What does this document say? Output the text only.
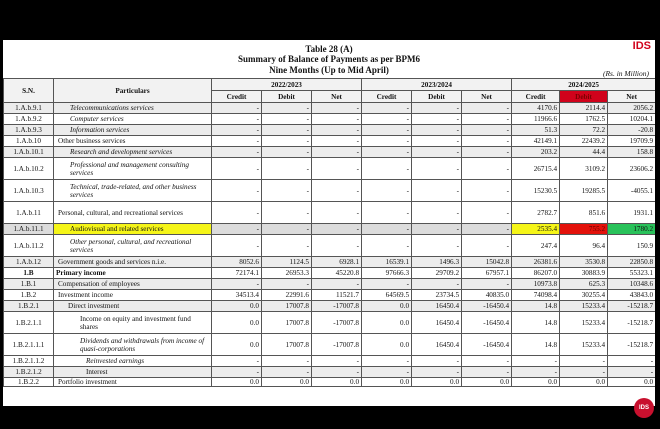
IDS
Table 28 (A)
Summary of Balance of Payments as per BPM6
Nine Months (Up to Mid April)	(Rs. in Million)
S.N.	Particulars	2022/2023			2023/2024			2024/2025		
		Credit	Debit	Net	Credit	Debit	Net	Credit	Debit	Net
1.A.b.9.1	Telecommunications services	-	-	-	-	-	-	4170.6	2114.4	2056.2
1.A.b.9.2	Computer services	-	-	-	-	-	-	11966.6	1762.5	10204.1
1.A.b.9.3	Information services	-	-	-	-	-	-	51.3	72.2	-20.8
1.A.b.10	Other business services	-	-	-	-	-	-	42149.1	22439.2	19709.9
1.A.b.10.1	Research and development services	-	-	-	-	-	-	203.2	44.4	158.8
1.A.b.10.2	Professional and management consulting services	-	-	-	-	-	-	26715.4	3109.2	23606.2
1.A.b.10.3	Technical, trade-related, and other business services	-	-	-	-	-	-	15230.5	19285.5	-4055.1
1.A.b.11	Personal, cultural, and recreational services	-	-	-	-	-	-	2782.7	851.6	1931.1
1.A.b.11.1	Audiovisual and related services	-	-	-	-	-	-	2535.4	755.2	1780.2
1.A.b.11.2	Other personal, cultural, and recreational services	-	-	-	-	-	-	247.4	96.4	150.9
1.A.b.12	Government goods and services n.i.e.	8052.6	1124.5	6928.1	16539.1	1496.3	15042.8	26381.6	3530.8	22850.8
1.B	Primary income	72174.1	26953.3	45220.8	97666.3	29709.2	67957.1	86207.0	30883.9	55323.1
1.B.1	Compensation of employees	-	-	-	-	-	-	10973.8	625.3	10348.6
1.B.2	Investment income	34513.4	22991.6	11521.7	64569.5	23734.5	40835.0	74098.4	30255.4	43843.0
1.B.2.1	Direct investment	0.0	17007.8	-17007.8	0.0	16450.4	-16450.4	14.8	15233.4	-15218.7
1.B.2.1.1	Income on equity and investment fund shares	0.0	17007.8	-17007.8	0.0	16450.4	-16450.4	14.8	15233.4	-15218.7
1.B.2.1.1.1	Dividends and withdrawals from income of quasi-corporations	0.0	17007.8	-17007.8	0.0	16450.4	-16450.4	14.8	15233.4	-15218.7
1.B.2.1.1.2	Reinvested earnings	-	-	-	-	-	-	-	-	-
1.B.2.1.2	Interest	-	-	-	-	-	-	-	-	-
1.B.2.2	Portfolio investment	0.0	0.0	0.0	0.0	0.0	0.0	0.0	0.0	0.0
IDS
